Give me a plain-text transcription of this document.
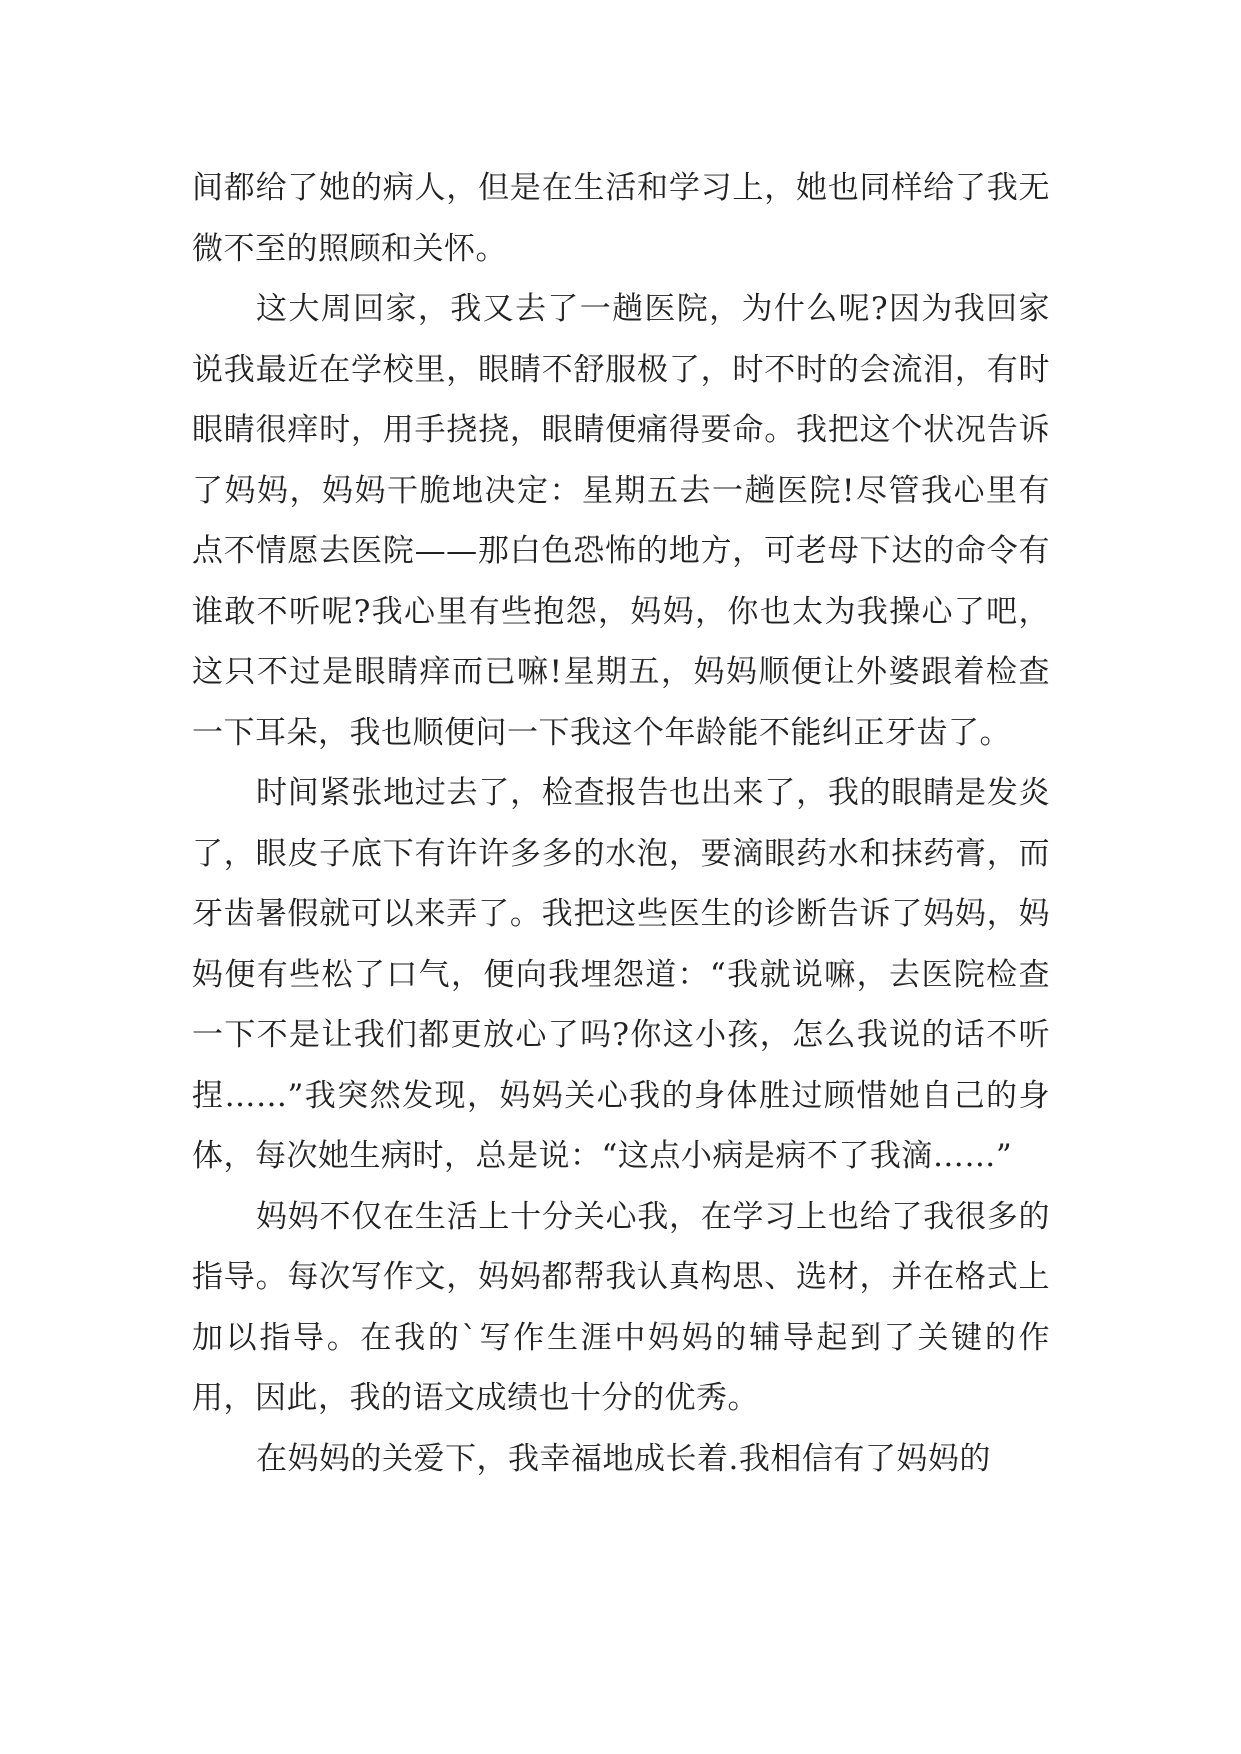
间都给了她的病人，但是在生活和学习上，她也同样给了我无微不至的照顾和关怀。

这大周回家，我又去了一趟医院，为什么呢?因为我回家说我最近在学校里，眼睛不舒服极了，时不时的会流泪，有时眼睛很痒时，用手挠挠，眼睛便痛得要命。我把这个状况告诉了妈妈，妈妈干脆地决定：星期五去一趟医院!尽管我心里有点不情愿去医院——那白色恐怖的地方，可老母下达的命令有谁敢不听呢?我心里有些抱怨，妈妈，你也太为我操心了吧，这只不过是眼睛痒而已嘛!星期五，妈妈顺便让外婆跟着检查一下耳朵，我也顺便问一下我这个年龄能不能纠正牙齿了。

时间紧张地过去了，检查报告也出来了，我的眼睛是发炎了，眼皮子底下有许许多多的水泡，要滴眼药水和抹药膏，而牙齿暑假就可以来弄了。我把这些医生的诊断告诉了妈妈，妈妈便有些松了口气，便向我埋怨道：“我就说嘛，去医院检查一下不是让我们都更放心了吗?你这小孩，怎么我说的话不听捏……”我突然发现，妈妈关心我的身体胜过顾惜她自己的身体，每次她生病时，总是说：“这点小病是病不了我滴……”

妈妈不仅在生活上十分关心我，在学习上也给了我很多的指导。每次写作文，妈妈都帮我认真构思、选材，并在格式上加以指导。在我的`写作生涯中妈妈的辅导起到了关键的作用，因此，我的语文成绩也十分的优秀。

在妈妈的关爱下，我幸福地成长着.我相信有了妈妈的
